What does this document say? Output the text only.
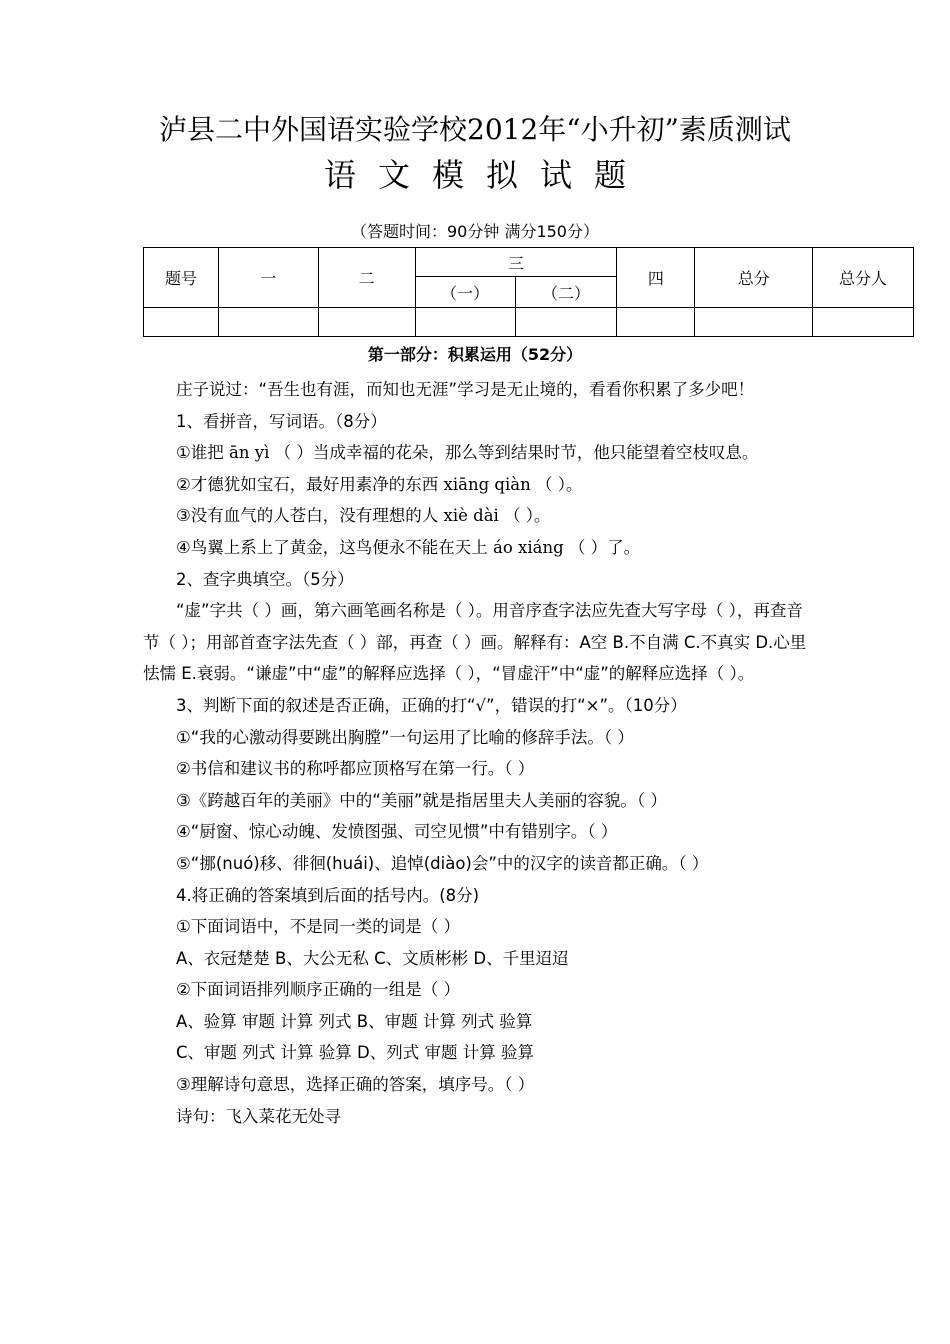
泸县二中外国语实验学校2012年“小升初”素质测试
语文模拟试题
（答题时间：90分钟 满分150分）
题号	一	二	三		四	总分	总分人
			（一）	（二）			

第一部分：积累运用（52分）

庄子说过：“吾生也有涯，而知也无涯”学习是无止境的，看看你积累了多少吧！

1、看拼音，写词语。（8分）

①谁把 ān yì （ ）当成幸福的花朵，那么等到结果时节，他只能望着空枝叹息。

②才德犹如宝石，最好用素净的东西 xiāng qiàn （ ）。

③没有血气的人苍白，没有理想的人 xiè dài （ ）。

④鸟翼上系上了黄金，这鸟便永不能在天上 áo xiáng （ ）了。

2、查字典填空。（5分）

“虚”字共（ ）画，第六画笔画名称是（ ）。用音序查字法应先查大写字母（ ），再查音节（ ）；用部首查字法先查（ ）部，再查（ ）画。解释有：A空 B.不自满 C.不真实 D.心里怯懦 E.衰弱。“谦虚”中“虚”的解释应选择（ ），“冒虚汗”中“虚”的解释应选择（ ）。

3、判断下面的叙述是否正确，正确的打“√”，错误的打“×”。（10分）

①“我的心激动得要跳出胸膛”一句运用了比喻的修辞手法。（ ）

②书信和建议书的称呼都应顶格写在第一行。（ ）

③《跨越百年的美丽》中的“美丽”就是指居里夫人美丽的容貌。（ ）

④“厨窗、惊心动魄、发愤图强、司空见惯”中有错别字。（ ）

⑤“挪(nuó)移、徘徊(huái)、追悼(diào)会”中的汉字的读音都正确。（ ）

4.将正确的答案填到后面的括号内。(8分)

①下面词语中，不是同一类的词是（ ）

A、衣冠楚楚 B、大公无私 C、文质彬彬 D、千里迢迢

②下面词语排列顺序正确的一组是（ ）

A、验算 审题 计算 列式 B、审题 计算 列式 验算

C、审题 列式 计算 验算 D、列式 审题 计算 验算

③理解诗句意思，选择正确的答案，填序号。（ ）

诗句：飞入菜花无处寻
